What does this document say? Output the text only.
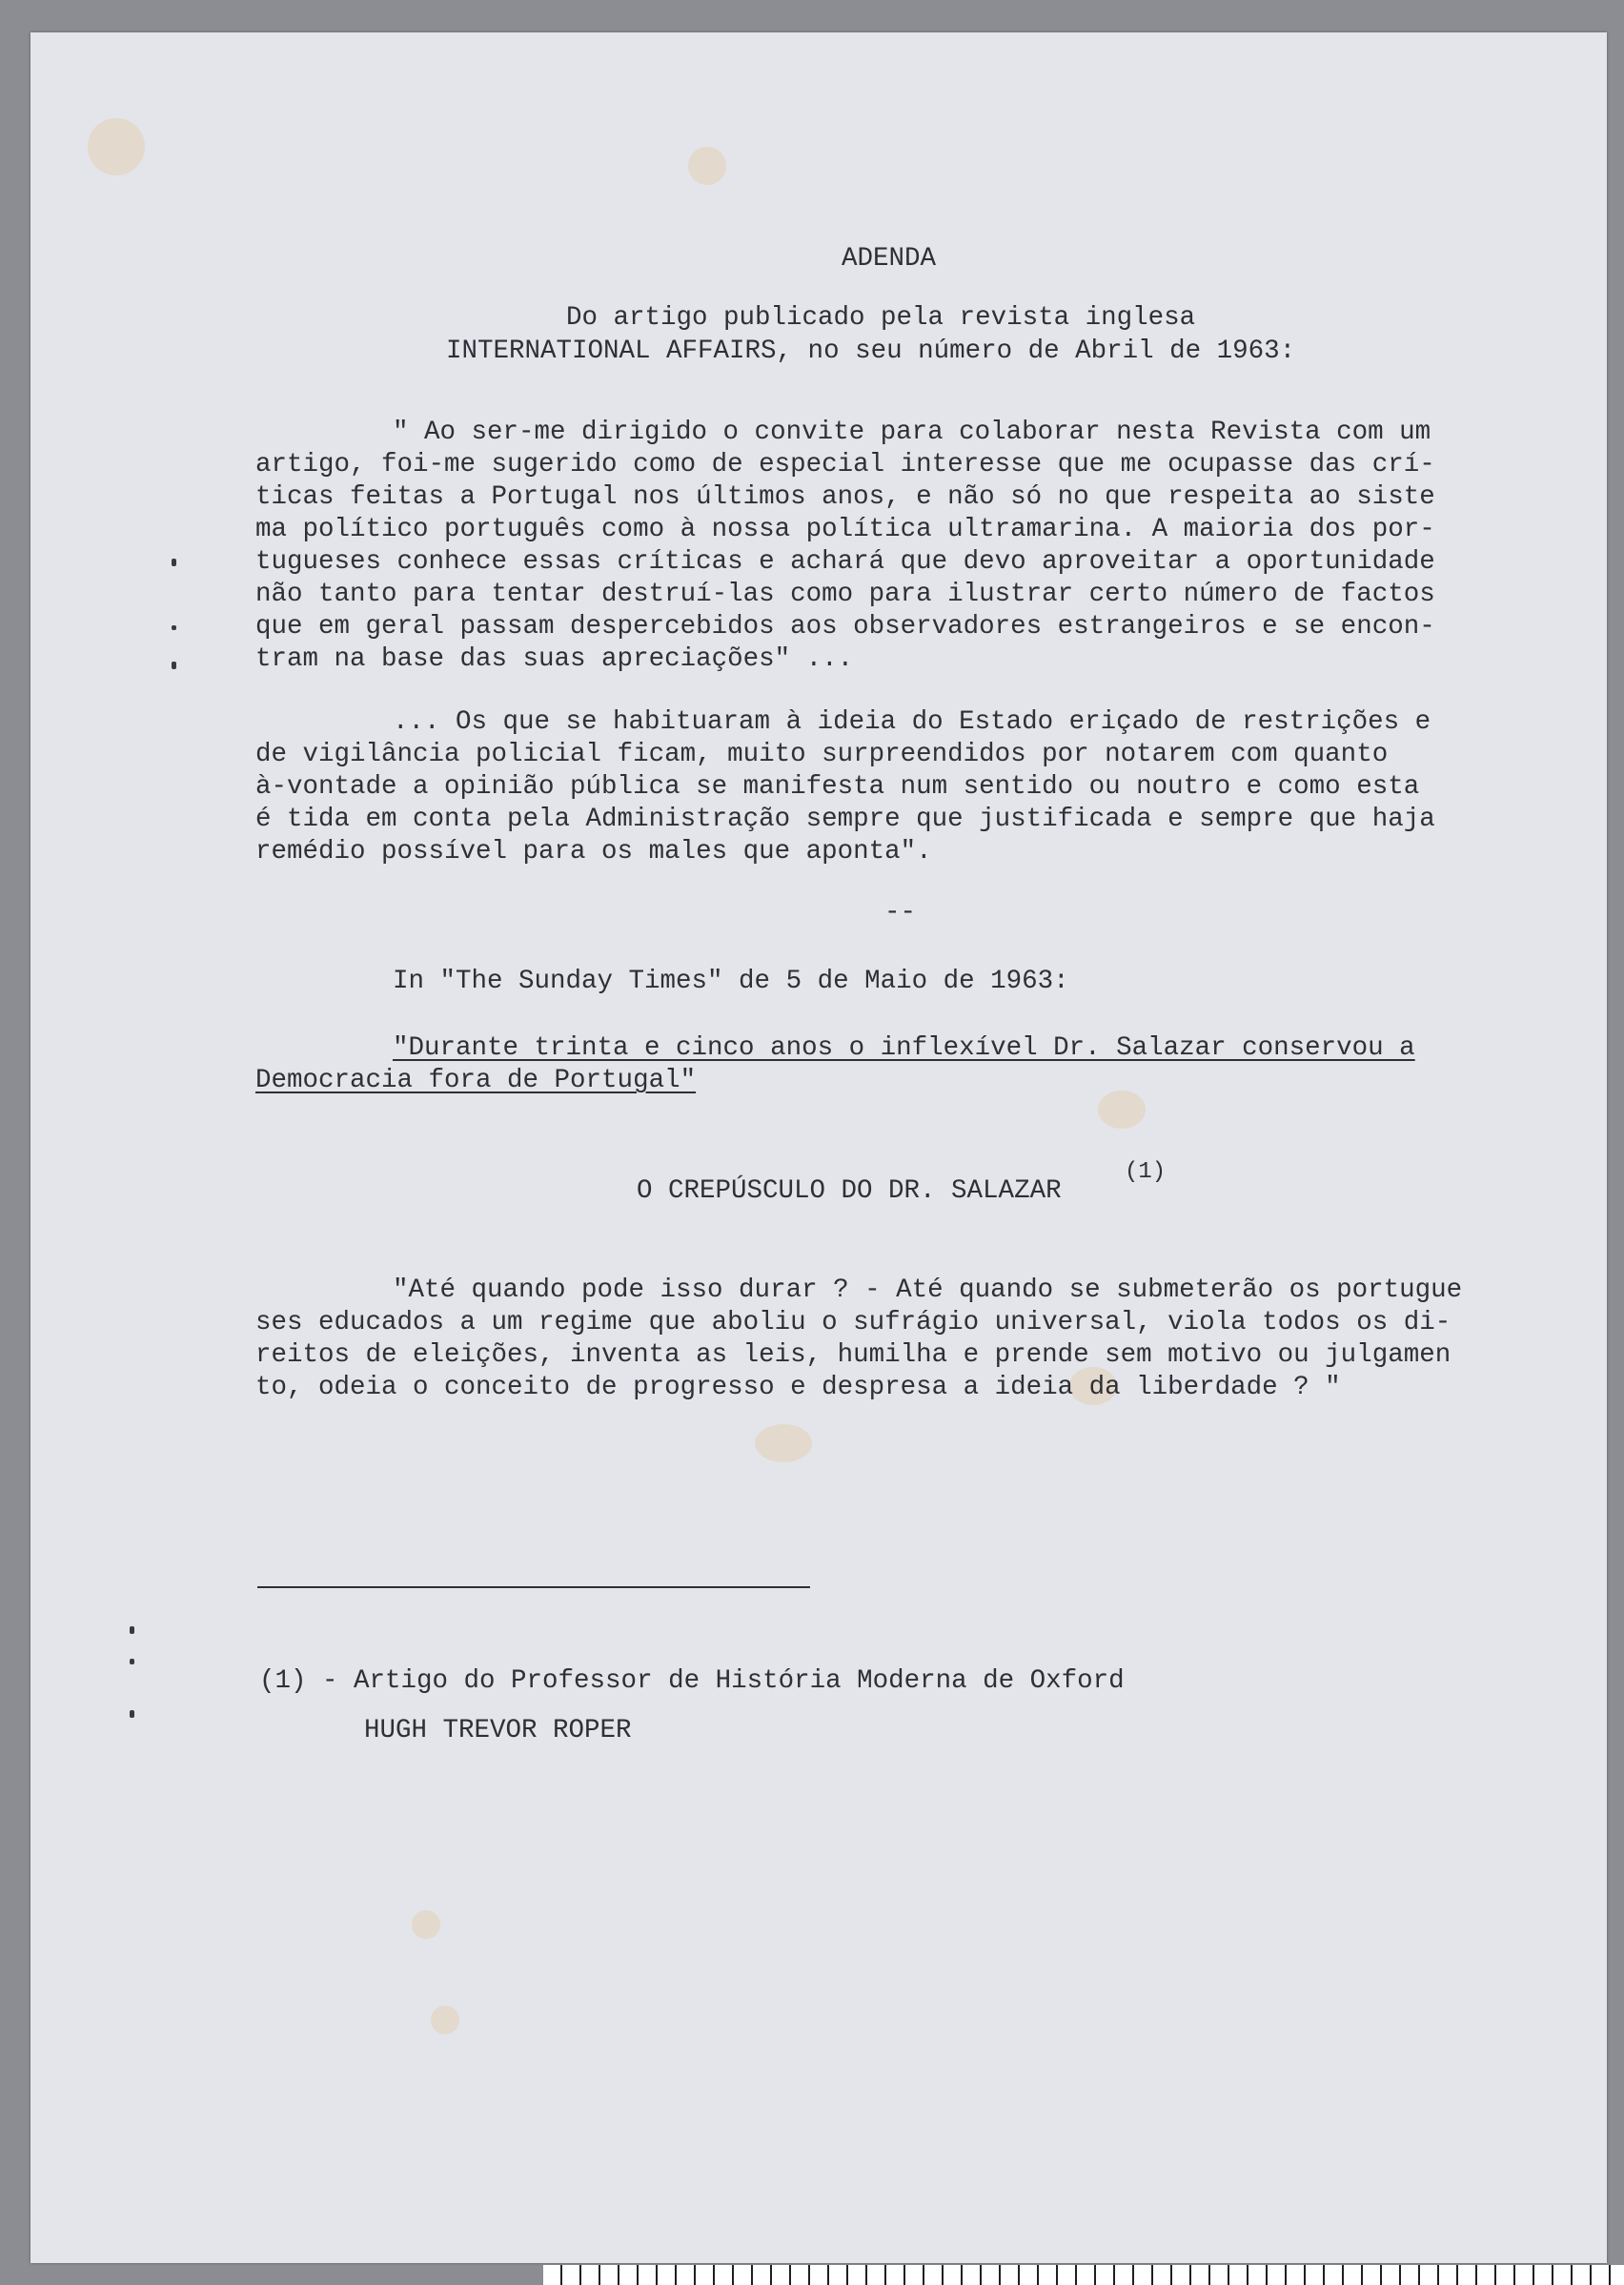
ADENDA
Do artigo publicado pela revista inglesa
INTERNATIONAL AFFAIRS, no seu número de Abril de 1963:
" Ao ser-me dirigido o convite para colaborar nesta Revista com um
artigo, foi-me sugerido como de especial interesse que me ocupasse das crí-
ticas feitas a Portugal nos últimos anos, e não só no que respeita ao siste
ma político português como à nossa política ultramarina. A maioria dos por-
tugueses conhece essas críticas e achará que devo aproveitar a oportunidade
não tanto para tentar destruí-las como para ilustrar certo número de factos
que em geral passam despercebidos aos observadores estrangeiros e se encon-
tram na base das suas apreciações" ...
... Os que se habituaram à ideia do Estado eriçado de restrições e
de vigilância policial ficam, muito surpreendidos por notarem com quanto
à-vontade a opinião pública se manifesta num sentido ou noutro e como esta
é tida em conta pela Administração sempre que justificada e sempre que haja
remédio possível para os males que aponta".
--
In "The Sunday Times" de 5 de Maio de 1963:
"Durante trinta e cinco anos o inflexível Dr. Salazar conservou a
Democracia fora de Portugal"
O CREPÚSCULO DO DR. SALAZAR
(1)
"Até quando pode isso durar ? - Até quando se submeterão os portugue
ses educados a um regime que aboliu o sufrágio universal, viola todos os di-
reitos de eleições, inventa as leis, humilha e prende sem motivo ou julgamen
to, odeia o conceito de progresso e despresa a ideia da liberdade ? "
(1) - Artigo do Professor de História Moderna de Oxford
HUGH TREVOR ROPER
